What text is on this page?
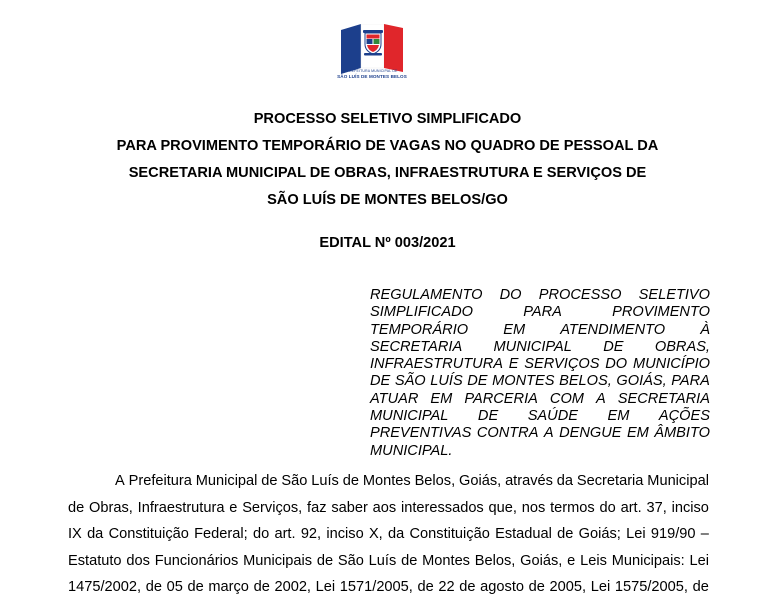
PREFEITURA MUNICIPAL DE
SÃO LUÍS DE MONTES BELOS
PROCESSO SELETIVO SIMPLIFICADO
PARA PROVIMENTO TEMPORÁRIO DE VAGAS NO QUADRO DE PESSOAL DA
SECRETARIA MUNICIPAL DE OBRAS, INFRAESTRUTURA E SERVIÇOS DE
SÃO LUÍS DE MONTES BELOS/GO
EDITAL Nº 003/2021
REGULAMENTO DO PROCESSO SELETIVO
SIMPLIFICADO	PARA	PROVIMENTO
TEMPORÁRIO EM ATENDIMENTO À
SECRETARIA MUNICIPAL DE OBRAS,
INFRAESTRUTURA E SERVIÇOS DO MUNICÍPIO
DE SÃO LUÍS DE MONTES BELOS, GOIÁS, PARA
ATUAR EM PARCERIA COM A SECRETARIA
MUNICIPAL DE SAÚDE EM AÇÕES
PREVENTIVAS CONTRA A DENGUE EM ÂMBITO
MUNICIPAL.
A Prefeitura Municipal de São Luís de Montes Belos, Goiás, através da Secretaria Municipal
de Obras, Infraestrutura e Serviços, faz saber aos interessados que, nos termos do art. 37, inciso
IX da Constituição Federal; do art. 92, inciso X, da Constituição Estadual de Goiás; Lei 919/90 –
Estatuto dos Funcionários Municipais de São Luís de Montes Belos, Goiás, e Leis Municipais: Lei
1475/2002, de 05 de março de 2002, Lei 1571/2005, de 22 de agosto de 2005, Lei 1575/2005, de
